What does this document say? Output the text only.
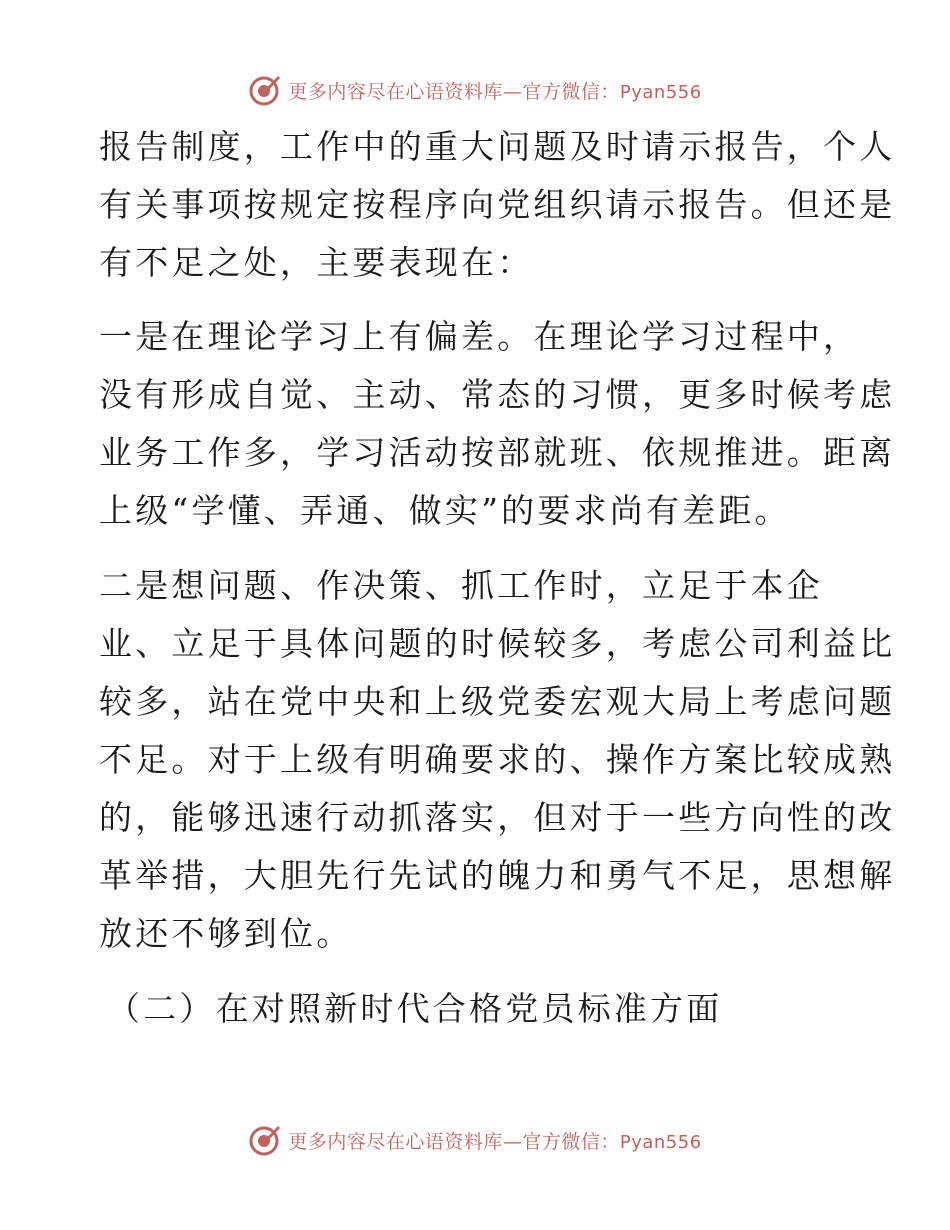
更多内容尽在心语资料库—官方微信：Pyan556
报告制度，工作中的重大问题及时请示报告，个人
有关事项按规定按程序向党组织请示报告。但还是
有不足之处，主要表现在：
一是在理论学习上有偏差。在理论学习过程中，
没有形成自觉、主动、常态的习惯，更多时候考虑
业务工作多，学习活动按部就班、依规推进。距离
上级“学懂、弄通、做实”的要求尚有差距。
二是想问题、作决策、抓工作时，立足于本企
业、立足于具体问题的时候较多，考虑公司利益比
较多，站在党中央和上级党委宏观大局上考虑问题
不足。对于上级有明确要求的、操作方案比较成熟
的，能够迅速行动抓落实，但对于一些方向性的改
革举措，大胆先行先试的魄力和勇气不足，思想解
放还不够到位。
（二）在对照新时代合格党员标准方面
更多内容尽在心语资料库—官方微信：Pyan556
